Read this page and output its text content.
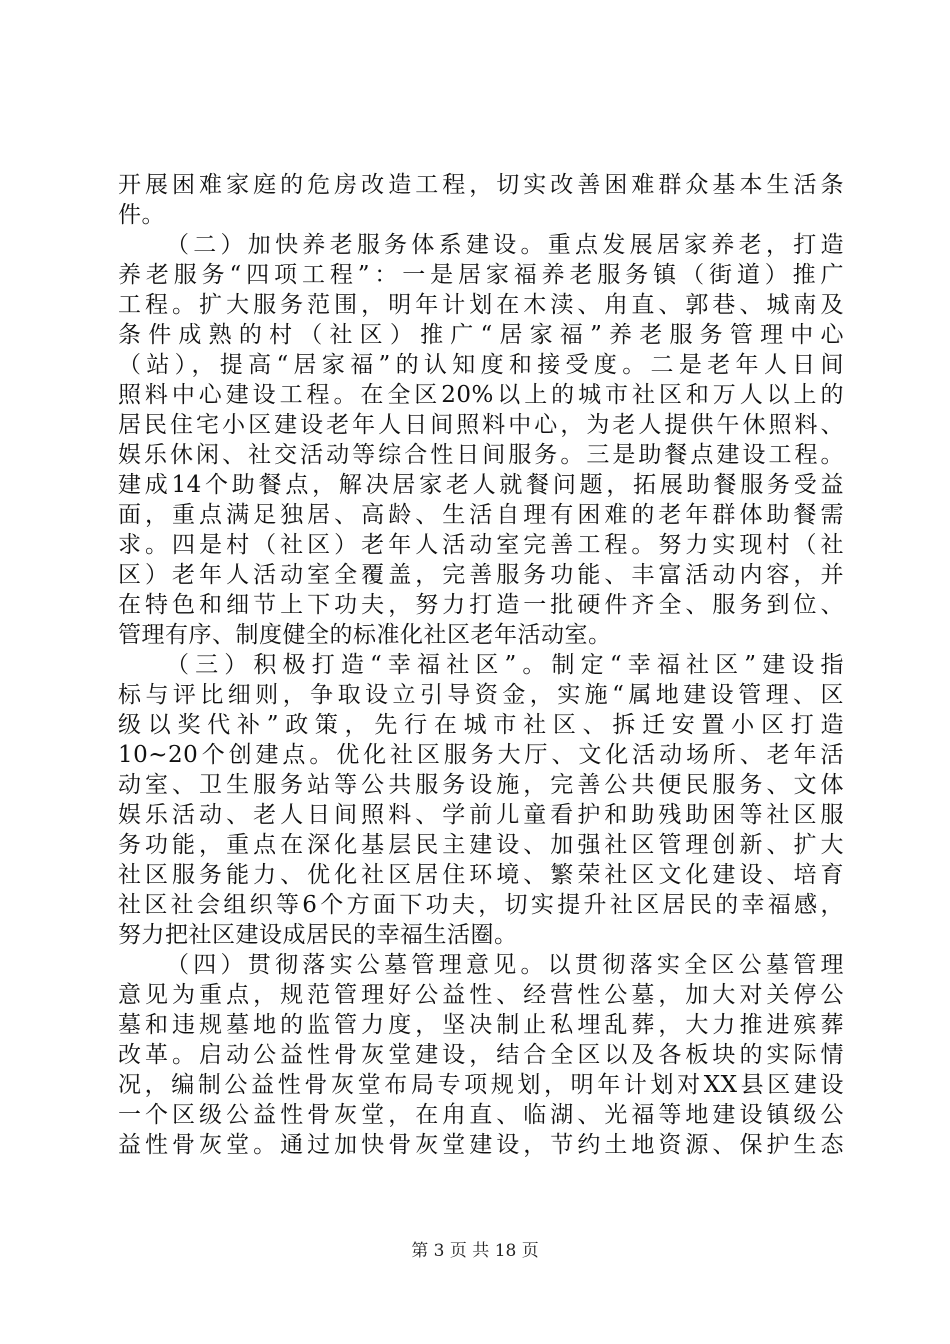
开展困难家庭的危房改造工程，切实改善困难群众基本生活条
件。
（二）加快养老服务体系建设。重点发展居家养老，打造
养老服务“四项工程”：一是居家福养老服务镇（街道）推广
工程。扩大服务范围，明年计划在木渎、甪直、郭巷、城南及
条件成熟的村（社区）推广“居家福”养老服务管理中心
（站），提高“居家福”的认知度和接受度。二是老年人日间
照料中心建设工程。在全区20%以上的城市社区和万人以上的
居民住宅小区建设老年人日间照料中心，为老人提供午休照料、
娱乐休闲、社交活动等综合性日间服务。三是助餐点建设工程。
建成14个助餐点，解决居家老人就餐问题，拓展助餐服务受益
面，重点满足独居、高龄、生活自理有困难的老年群体助餐需
求。四是村（社区）老年人活动室完善工程。努力实现村（社
区）老年人活动室全覆盖，完善服务功能、丰富活动内容，并
在特色和细节上下功夫，努力打造一批硬件齐全、服务到位、
管理有序、制度健全的标准化社区老年活动室。
（三）积极打造“幸福社区”。制定“幸福社区”建设指
标与评比细则，争取设立引导资金，实施“属地建设管理、区
级以奖代补”政策，先行在城市社区、拆迁安置小区打造
10~20个创建点。优化社区服务大厅、文化活动场所、老年活
动室、卫生服务站等公共服务设施，完善公共便民服务、文体
娱乐活动、老人日间照料、学前儿童看护和助残助困等社区服
务功能，重点在深化基层民主建设、加强社区管理创新、扩大
社区服务能力、优化社区居住环境、繁荣社区文化建设、培育
社区社会组织等6个方面下功夫，切实提升社区居民的幸福感，
努力把社区建设成居民的幸福生活圈。
（四）贯彻落实公墓管理意见。以贯彻落实全区公墓管理
意见为重点，规范管理好公益性、经营性公墓，加大对关停公
墓和违规墓地的监管力度，坚决制止私埋乱葬，大力推进殡葬
改革。启动公益性骨灰堂建设，结合全区以及各板块的实际情
况，编制公益性骨灰堂布局专项规划，明年计划对XX县区建设
一个区级公益性骨灰堂，在甪直、临湖、光福等地建设镇级公
益性骨灰堂。通过加快骨灰堂建设，节约土地资源、保护生态
第 3 页 共 18 页
